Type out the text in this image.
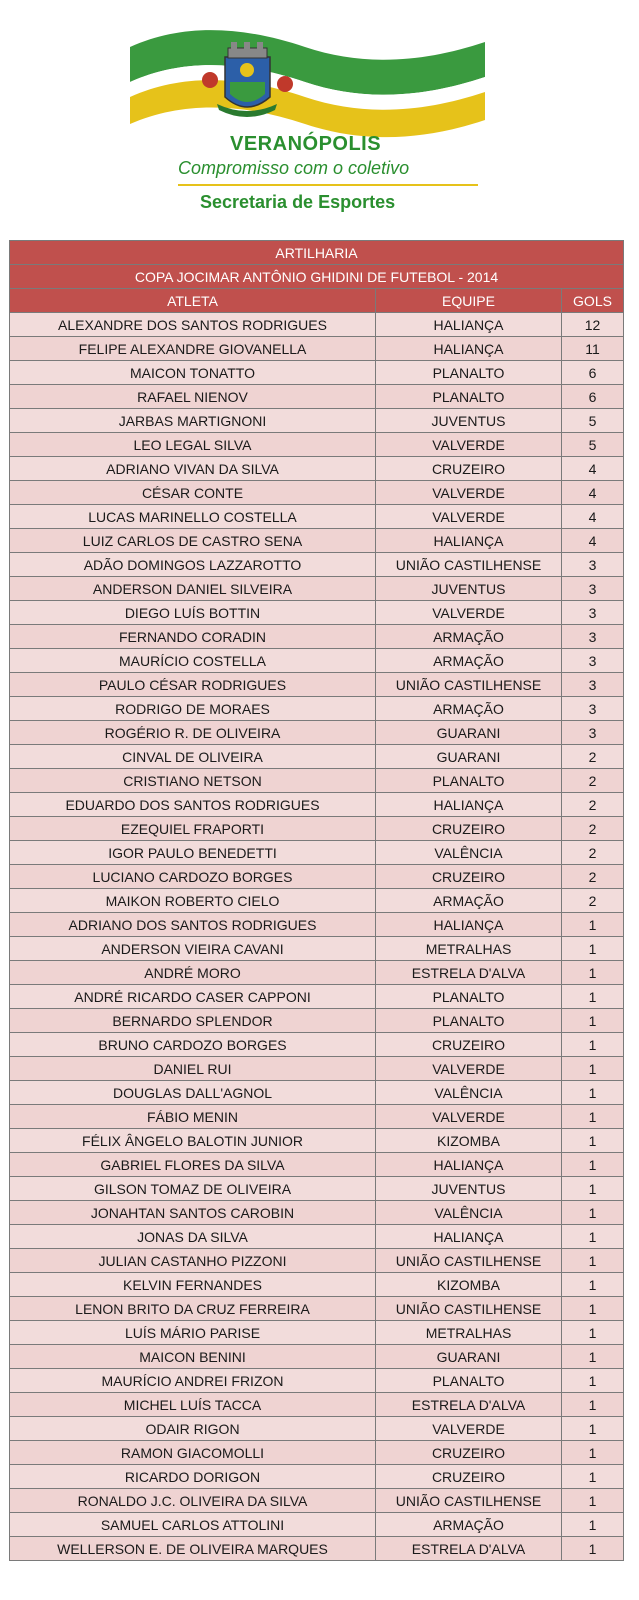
VERANÓPOLIS
Compromisso com o coletivo
Secretaria de Esportes
ARTILHARIA		
COPA JOCIMAR ANTÔNIO GHIDINI DE FUTEBOL - 2014		
ATLETA	EQUIPE	GOLS
ALEXANDRE DOS SANTOS RODRIGUES	HALIANÇA	12
FELIPE ALEXANDRE GIOVANELLA	HALIANÇA	11
MAICON TONATTO	PLANALTO	6
RAFAEL NIENOV	PLANALTO	6
JARBAS MARTIGNONI	JUVENTUS	5
LEO LEGAL SILVA	VALVERDE	5
ADRIANO VIVAN DA SILVA	CRUZEIRO	4
CÉSAR CONTE	VALVERDE	4
LUCAS MARINELLO COSTELLA	VALVERDE	4
LUIZ CARLOS DE CASTRO SENA	HALIANÇA	4
ADÃO DOMINGOS LAZZAROTTO	UNIÃO CASTILHENSE	3
ANDERSON DANIEL SILVEIRA	JUVENTUS	3
DIEGO LUÍS BOTTIN	VALVERDE	3
FERNANDO CORADIN	ARMAÇÃO	3
MAURÍCIO COSTELLA	ARMAÇÃO	3
PAULO CÉSAR RODRIGUES	UNIÃO CASTILHENSE	3
RODRIGO DE MORAES	ARMAÇÃO	3
ROGÉRIO R. DE OLIVEIRA	GUARANI	3
CINVAL DE OLIVEIRA	GUARANI	2
CRISTIANO NETSON	PLANALTO	2
EDUARDO DOS SANTOS RODRIGUES	HALIANÇA	2
EZEQUIEL FRAPORTI	CRUZEIRO	2
IGOR PAULO BENEDETTI	VALÊNCIA	2
LUCIANO CARDOZO BORGES	CRUZEIRO	2
MAIKON ROBERTO CIELO	ARMAÇÃO	2
ADRIANO DOS SANTOS RODRIGUES	HALIANÇA	1
ANDERSON VIEIRA CAVANI	METRALHAS	1
ANDRÉ MORO	ESTRELA D'ALVA	1
ANDRÉ RICARDO CASER CAPPONI	PLANALTO	1
BERNARDO SPLENDOR	PLANALTO	1
BRUNO CARDOZO BORGES	CRUZEIRO	1
DANIEL RUI	VALVERDE	1
DOUGLAS DALL'AGNOL	VALÊNCIA	1
FÁBIO MENIN	VALVERDE	1
FÉLIX ÂNGELO BALOTIN JUNIOR	KIZOMBA	1
GABRIEL FLORES DA SILVA	HALIANÇA	1
GILSON TOMAZ DE OLIVEIRA	JUVENTUS	1
JONAHTAN SANTOS CAROBIN	VALÊNCIA	1
JONAS DA SILVA	HALIANÇA	1
JULIAN CASTANHO PIZZONI	UNIÃO CASTILHENSE	1
KELVIN FERNANDES	KIZOMBA	1
LENON BRITO DA CRUZ FERREIRA	UNIÃO CASTILHENSE	1
LUÍS MÁRIO PARISE	METRALHAS	1
MAICON BENINI	GUARANI	1
MAURÍCIO ANDREI FRIZON	PLANALTO	1
MICHEL LUÍS TACCA	ESTRELA D'ALVA	1
ODAIR RIGON	VALVERDE	1
RAMON GIACOMOLLI	CRUZEIRO	1
RICARDO DORIGON	CRUZEIRO	1
RONALDO J.C. OLIVEIRA DA SILVA	UNIÃO CASTILHENSE	1
SAMUEL CARLOS ATTOLINI	ARMAÇÃO	1
WELLERSON E. DE OLIVEIRA MARQUES	ESTRELA D'ALVA	1
